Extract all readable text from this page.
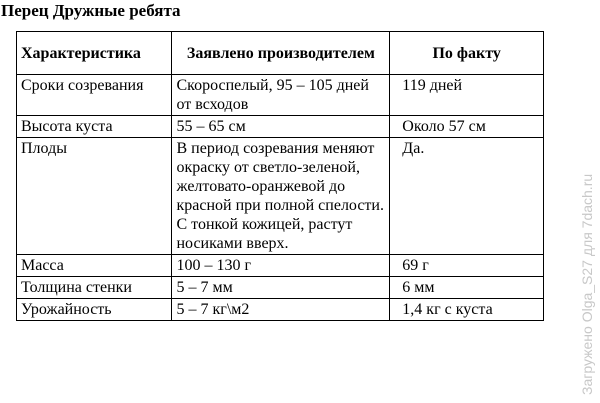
Перец Дружные ребята
Характеристика	Заявлено производителем	По факту
Сроки созревания	Скороспелый, 95 – 105 дней от всходов	119 дней
Высота куста	55 – 65 см	Около 57 см
Плоды	В период созревания меняют окраску от светло-зеленой, желтовато-оранжевой до красной при полной спелости. С тонкой кожицей, растут носиками вверх.	Да.
Масса	100 – 130 г	69 г
Толщина стенки	5 – 7 мм	6 мм
Урожайность	5 – 7 кг\м2	1,4 кг с куста	Загружено Olga_S27 для 7dach.ru
